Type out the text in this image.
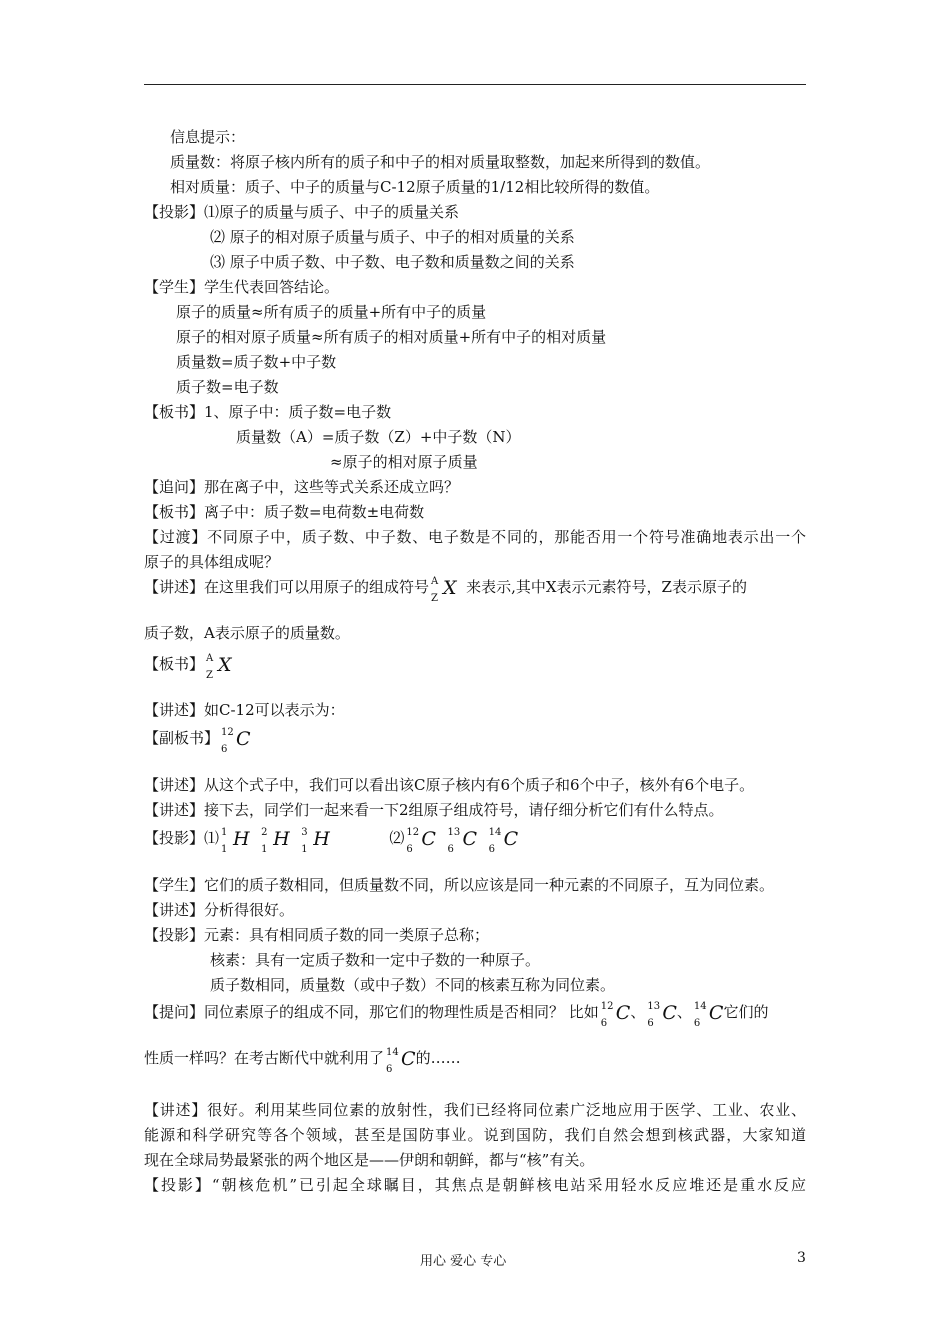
信息提示：
质量数：将原子核内所有的质子和中子的相对质量取整数，加起来所得到的数值。
相对质量：质子、中子的质量与C-12原子质量的1/12相比较所得的数值。
【投影】⑴原子的质量与质子、中子的质量关系
⑵ 原子的相对原子质量与质子、中子的相对质量的关系
⑶ 原子中质子数、中子数、电子数和质量数之间的关系
【学生】学生代表回答结论。
原子的质量≈所有质子的质量+所有中子的质量
原子的相对原子质量≈所有质子的相对质量+所有中子的相对质量
质量数=质子数+中子数
质子数=电子数
【板书】1、原子中：质子数=电子数
质量数（A）=质子数（Z）+中子数（N）
≈原子的相对原子质量
【追问】那在离子中，这些等式关系还成立吗？
【板书】离子中：质子数=电荷数±电荷数
【过渡】不同原子中，质子数、中子数、电子数是不同的，那能否用一个符号准确地表示出一个
原子的具体组成呢？
【讲述】在这里我们可以用原子的组成符号 A
Z X 来表示,其中X表示元素符号，Z表示原子的
质子数，A表示原子的质量数。
【板书】 A
Z X
【讲述】如C-12可以表示为：
【副板书】 12
6 C
【讲述】从这个式子中，我们可以看出该C原子核内有6个质子和6个中子，核外有6个电子。
【讲述】接下去，同学们一起来看一下2组原子组成符号，请仔细分析它们有什么特点。
【投影】⑴ 1
1 H 2
1 H 3
1 H	⑵ 12
6 C 13
6 C 14
6 C
【学生】它们的质子数相同，但质量数不同，所以应该是同一种元素的不同原子，互为同位素。
【讲述】分析得很好。
【投影】元素：具有相同质子数的同一类原子总称；
核素：具有一定质子数和一定中子数的一种原子。
质子数相同，质量数（或中子数）不同的核素互称为同位素。
【提问】同位素原子的组成不同，那它们的物理性质是否相同？ 比如 12
6 C、 13
6 C、 14
6 C它们的
性质一样吗？在考古断代中就利用了 14
6 C的……
【讲述】很好。利用某些同位素的放射性，我们已经将同位素广泛地应用于医学、工业、农业、
能源和科学研究等各个领域，甚至是国防事业。说到国防，我们自然会想到核武器，大家知道
现在全球局势最紧张的两个地区是——伊朗和朝鲜，都与“核”有关。
【投影】“朝核危机”已引起全球瞩目，其焦点是朝鲜核电站采用轻水反应堆还是重水反应
用心 爱心 专心	3
